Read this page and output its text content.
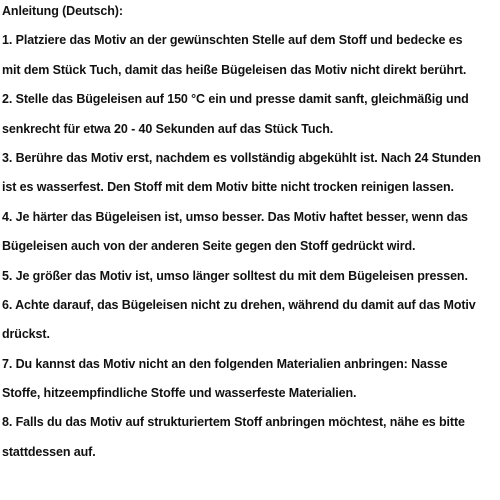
Anleitung (Deutsch):
1. Platziere das Motiv an der gewünschten Stelle auf dem Stoff und bedecke es
mit dem Stück Tuch, damit das heiße Bügeleisen das Motiv nicht direkt berührt.
2. Stelle das Bügeleisen auf 150 °C ein und presse damit sanft, gleichmäßig und
senkrecht für etwa 20 - 40 Sekunden auf das Stück Tuch.
3. Berühre das Motiv erst, nachdem es vollständig abgekühlt ist. Nach 24 Stunden
ist es wasserfest. Den Stoff mit dem Motiv bitte nicht trocken reinigen lassen.
4. Je härter das Bügeleisen ist, umso besser. Das Motiv haftet besser, wenn das
Bügeleisen auch von der anderen Seite gegen den Stoff gedrückt wird.
5. Je größer das Motiv ist, umso länger solltest du mit dem Bügeleisen pressen.
6. Achte darauf, das Bügeleisen nicht zu drehen, während du damit auf das Motiv
drückst.
7. Du kannst das Motiv nicht an den folgenden Materialien anbringen: Nasse
Stoffe, hitzeempfindliche Stoffe und wasserfeste Materialien.
8. Falls du das Motiv auf strukturiertem Stoff anbringen möchtest, nähe es bitte
stattdessen auf.
